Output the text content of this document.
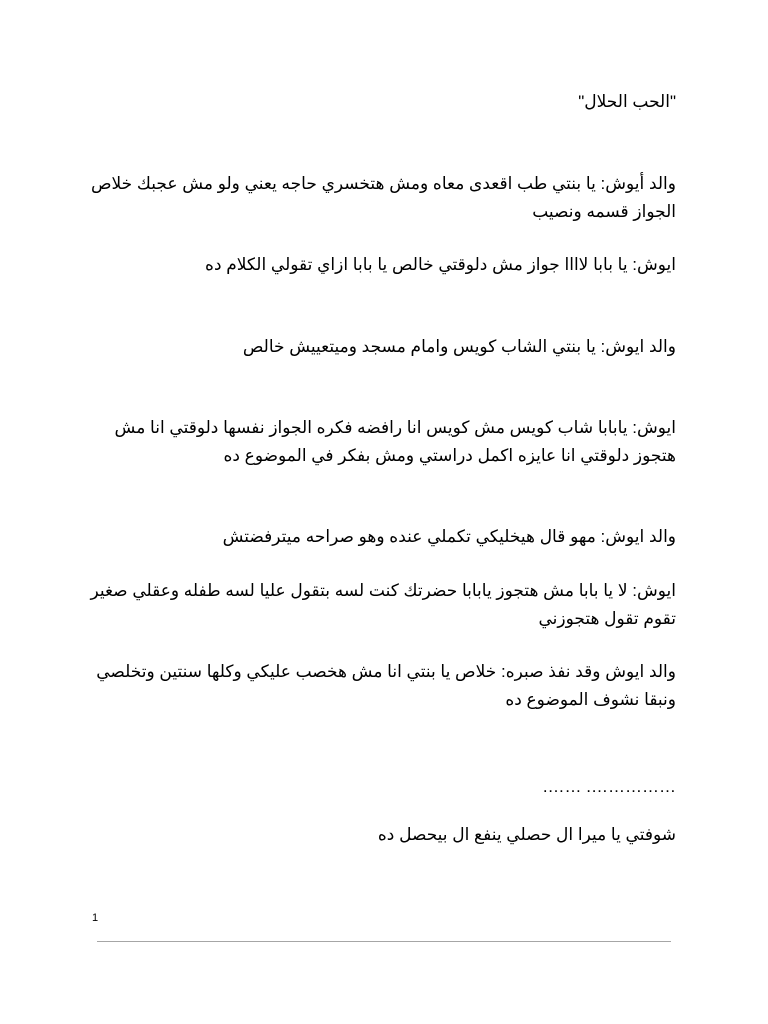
"الحب الحلال"
والد أيوش: يا بنتي طب اقعدى معاه ومش هتخسري حاجه يعني ولو مش عجبك خلاص الجواز قسمه ونصيب
ايوش: يا بابا لاااا جواز مش دلوقتي خالص يا بابا ازاي تقولي الكلام ده
والد ايوش: يا بنتي الشاب كويس وامام مسجد وميتعييش خالص
ايوش: يابابا شاب كويس مش كويس انا رافضه فكره الجواز نفسها دلوقتي انا مش هتجوز دلوقتي انا عايزه اكمل دراستي ومش بفكر في الموضوع ده
والد ايوش: مهو قال هيخليكي تكملي عنده وهو صراحه ميترفضتش
ايوش: لا يا بابا مش هتجوز يابابا حضرتك كنت لسه بتقول عليا لسه طفله وعقلي صغير تقوم تقول هتجوزني
والد ايوش وقد نفذ صبره: خلاص يا بنتي انا مش هخصب عليكي وكلها سنتين وتخلصي ونبقا نشوف الموضوع ده
……………. …….
شوفتي يا ميرا ال حصلي ينفع ال بيحصل ده
1
